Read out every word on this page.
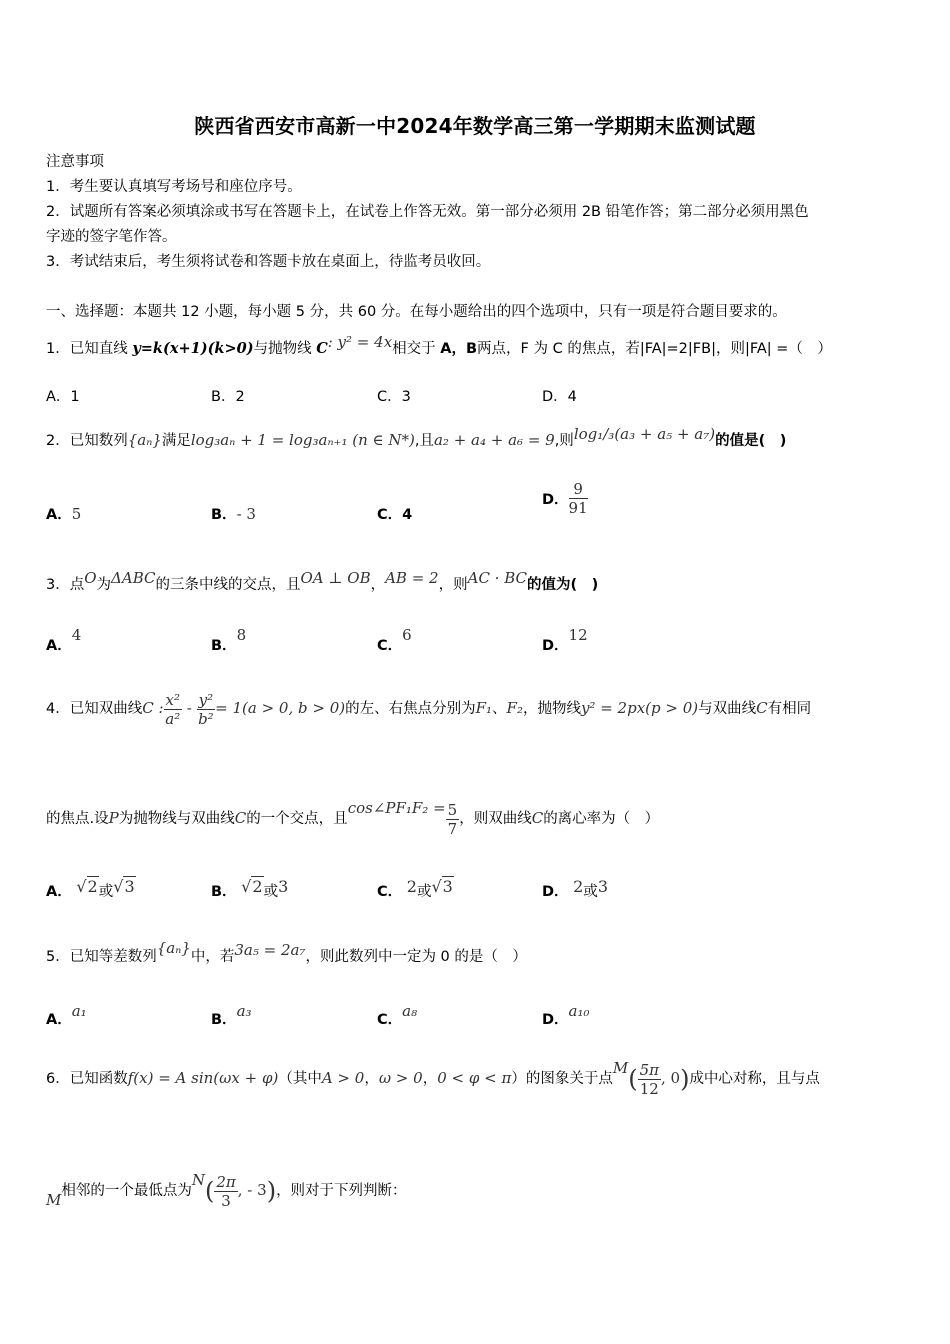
陕西省西安市高新一中2024年数学高三第一学期期末监测试题
注意事项
1．考生要认真填写考场号和座位序号。
2．试题所有答案必须填涂或书写在答题卡上，在试卷上作答无效。第一部分必须用 2B 铅笔作答；第二部分必须用黑色
字迹的签字笔作答。
3．考试结束后，考生须将试卷和答题卡放在桌面上，待监考员收回。
一、选择题：本题共 12 小题，每小题 5 分，共 60 分。在每小题给出的四个选项中，只有一项是符合题目要求的。
1．已知直线 y=k(x+1)(k>0)与抛物线 C: y² = 4x相交于 A，B两点，F 为 C 的焦点，若|FA|=2|FB|，则|FA| =（　）
A．1	B．2	C．3	D．4
2．已知数列{aₙ}满足log₃aₙ + 1 = log₃aₙ₊₁ (n ∈ N*),且a₂ + a₄ + a₆ = 9,则log₁/₃(a₃ + a₅ + a₇)的值是(　)
A．5	B．- 3	C．4
D． $\frac{9}{91}$
3．点O为ΔABC的三条中线的交点，且OA ⊥ OB，AB = 2，则AC · BC的值为(　)
A．4
B．8
C．6
D．12
4．已知双曲线C : $\frac{\text{x²}}{\text{a²}} - \frac{\text{y²}}{\text{b²}} = 1(a > 0$, b > 0)的左、右焦点分别为F₁、F₂，抛物线y² = 2px(p > 0)与双曲线C有相同
的焦点.设P为抛物线与双曲线C的一个交点，且cos∠PF₁F₂ = $\frac{5}{7}$ ，则双曲线C的离心率为（　）
A． √2或√3	B． √2或3	C． 2或√3	D． 2或3
5．已知等差数列{aₙ}中，若3a₅ = 2a₇，则此数列中一定为 0 的是（　）
A．a₁	B．a₃	C．a₈	D．a₁₀
6．已知函数f(x) = A sin(ωx + φ)（其中A > 0，ω > 0，0 < φ < π）的图象关于点$M( \frac{5\pi}{12}$ , 0)成中心对称，且与点
M相邻的一个最低点为$N( \frac{2\pi}{3}$ , - 3)，则对于下列判断：
